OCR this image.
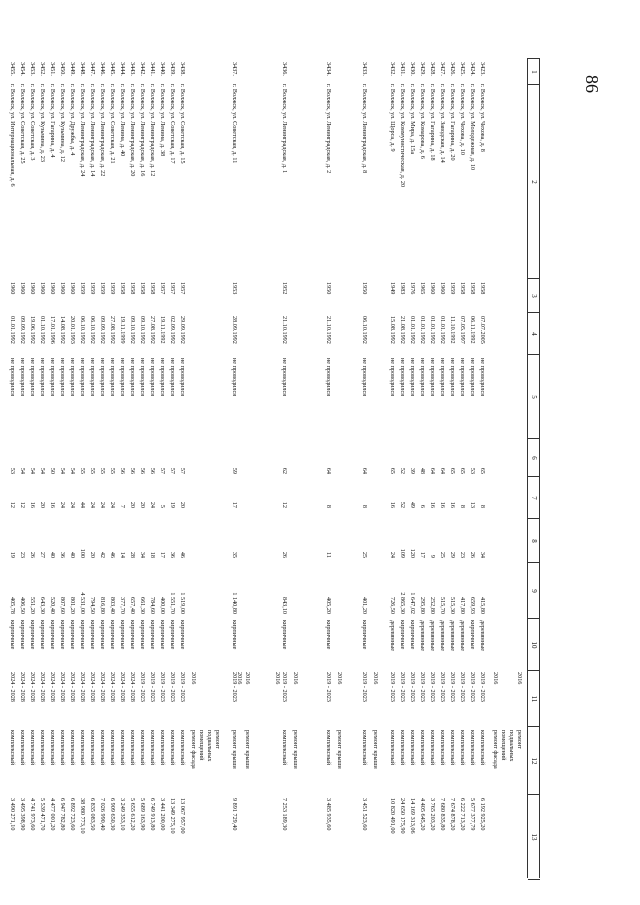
86
1
2
3
4
5
6
7
8
9
10
11
12
13
2016
ремонт
подвальных
помещений
2016
ремонт фасада
2016
ремонт крыши
2016
ремонт крыши
2016
ремонт крыши
2016
2016
2016
ремонт крыши
ремонт
подвальных
помещений
2016
ремонт фасада
3423.
г. Волжск, ул. Чехова, д. 8
1958
07.07.2005
не проводился
65
8
34
415,80
деревянные
2019 - 2023
комплексный
6 192 925,20
3424.
г. Волжск, ул. Молодежная, д. 10
1958
06.11.1992
не проводился
53
13
26
659,93
кирпичные
2019 - 2023
комплексный
5 677 377,79
3425.
г. Волжск, ул. Чехова, д. 10
1958
07.05.1997
не проводился
65
8
23
417,80
деревянные
2019 - 2023
комплексный
6 222 713,20
3426.
г. Волжск, ул. Гагарина, д. 20
1959
11.10.1992
не проводился
65
16
29
515,30
деревянные
2019 - 2023
комплексный
7 674 878,20
3427.
г. Волжск, ул. Заводская, д. 14
1960
01.01.1992
не проводился
64
16
25
515,70
деревянные
2019 - 2023
комплексный
7 680 835,80
3428.
г. Волжск, ул. Гагарина, д. 18
1960
01.01.1992
не проводился
64
16
9
252,80
деревянные
2019 - 2023
комплексный
3 765 203,20
3429.
г. Волжск, ул. Комарова, д. 6
1965
01.01.1992
не проводился
48
6
17
295,80
деревянные
2019 - 2023
комплексный
4 405 645,20
3430.
г. Волжск, ул. Мира, д. 15а
1976
01.01.1992
не проводился
39
49
120
1 647,02
кирпичные
2019 - 2023
комплексный
14 169 313,06
3431.
г. Волжск, ул. Коммунистическая, д. 20
1983
21.08.1992
не проводился
52
52
109
2 865,30
кирпичные
2019 - 2023
комплексный
24 650 175,90
3432.
г. Волжск, ул. Щорса, д. 9
1949
15.08.1992
не проводился
65
16
24
726,50
деревянные
2019 - 2023
комплексный
10 820 491,00
3433.
г. Волжск, ул. Ленинградская, д. 8
1950
06.10.1992
не проводился
64
8
25
401,20
кирпичные
2019 - 2023
комплексный
3 451 523,60
3434.
г. Волжск, ул. Ленинградская, д. 2
1950
21.10.1992
не проводился
64
8
11
405,20
кирпичные
2019 - 2023
комплексный
3 485 935,60
3436.
г. Волжск, ул. Ленинградская, д. 1
1952
21.10.1992
не проводился
62
12
26
843,10
кирпичные
2019 - 2023
комплексный
7 253 189,30
3437.
г. Волжск, ул. Советская, д. 11
1953
28.09.1992
не проводился
59
17
35
1 140,80
кирпичные
2019 - 2023
ремонт крыши
9 891 729,40
3438.
г. Волжск, ул. Советская, д. 15
1957
29.09.1992
не проводился
57
20
46
1 519,00
кирпичные
2019 - 2023
комплексный
13 067 957,00
3439.
г. Волжск, ул. Советская, д. 17
1957
02.09.1992
не проводился
57
19
36
1 551,70
кирпичные
2019 - 2023
комплексный
13 349 275,10
3440.
г. Волжск, ул. Ленина, д. 38
1957
19.11.1992
не проводился
57
5
17
400,00
кирпичные
2019 - 2023
комплексный
3 441 200,00
3441.
г. Волжск, ул. Ленинградская, д. 12
1958
27.08.1992
не проводился
56
24
18
784,60
кирпичные
2019 - 2023
комплексный
6 749 913,80
3442.
г. Волжск, ул. Ленинградская, д. 16
1958
09.10.1992
не проводился
56
20
34
661,30
кирпичные
2019 - 2023
комплексный
5 689 163,90
3443.
г. Волжск, ул. Ленинградская, д. 20
1958
09.10.1992
не проводился
56
20
28
657,40
кирпичные
2024 - 2028
комплексный
5 655 612,20
3444.
г. Волжск, ул. Ленина, д. 40
1958
19.11.1999
не проводился
56
7
14
377,70
кирпичные
2024 - 2028
комплексный
3 249 353,10
3445.
г. Волжск, ул. Советская, д. 21
1959
27.08.1992
не проводился
55
24
46
803,40
кирпичные
2024 - 2028
комплексный
6 909 650,30
3446.
г. Волжск, ул. Ленинградская, д. 22
1959
09.09.1992
не проводился
55
24
42
816,80
кирпичные
2024 - 2028
комплексный
7 026 990,40
3447.
г. Волжск, ул. Ленинградская, д. 14
1959
06.10.1992
не проводился
55
24
20
794,50
кирпичные
2024 - 2028
комплексный
6 835 083,50
3448.
г. Волжск, ул. Ленинградская, д. 24
1959
06.10.1992
не проводился
55
44
100
4 531,00
кирпичные
2024 - 2028
комплексный
38 980 773,10
3449.
г. Волжск, ул. Дружбы, д. 4
1960
20.01.1993
не проводился
54
24
40
801,20
кирпичные
2024 - 2028
комплексный
6 892 723,60
3450.
г. Волжск, ул. Кузьмина, д. 12
1960
14.08.1992
не проводился
54
24
36
807,60
кирпичные
2024 - 2028
комплексный
6 947 782,80
3451.
г. Волжск, ул. Гагарина, д. 4
1960
17.01.1996
не проводился
50
16
40
520,40
кирпичные
2024 - 2028
комплексный
4 477 001,20
3452.
г. Волжск, ул. Кузьмина, д. 23
1960
01.10.1992
не проводился
54
20
27
643,30
кирпичные
2024 - 2028
комплексный
5 539 471,70
3453.
г. Волжск, ул. Советская, д. 3
1960
19.06.1992
не проводился
54
16
26
551,20
кирпичные
2024 - 2028
комплексный
4 741 973,60
3454.
г. Волжск, ул. Советская, д. 25
1960
09.09.1992
не проводился
54
12
23
406,50
кирпичные
2024 - 2028
комплексный
3 495 398,90
3455.
г. Волжск, ул. Интернациональная, д. 6
1960
01.01.1992
не проводился
53
12
19
405,78
кирпичные
2024 - 2028
комплексный
3 490 271,10
